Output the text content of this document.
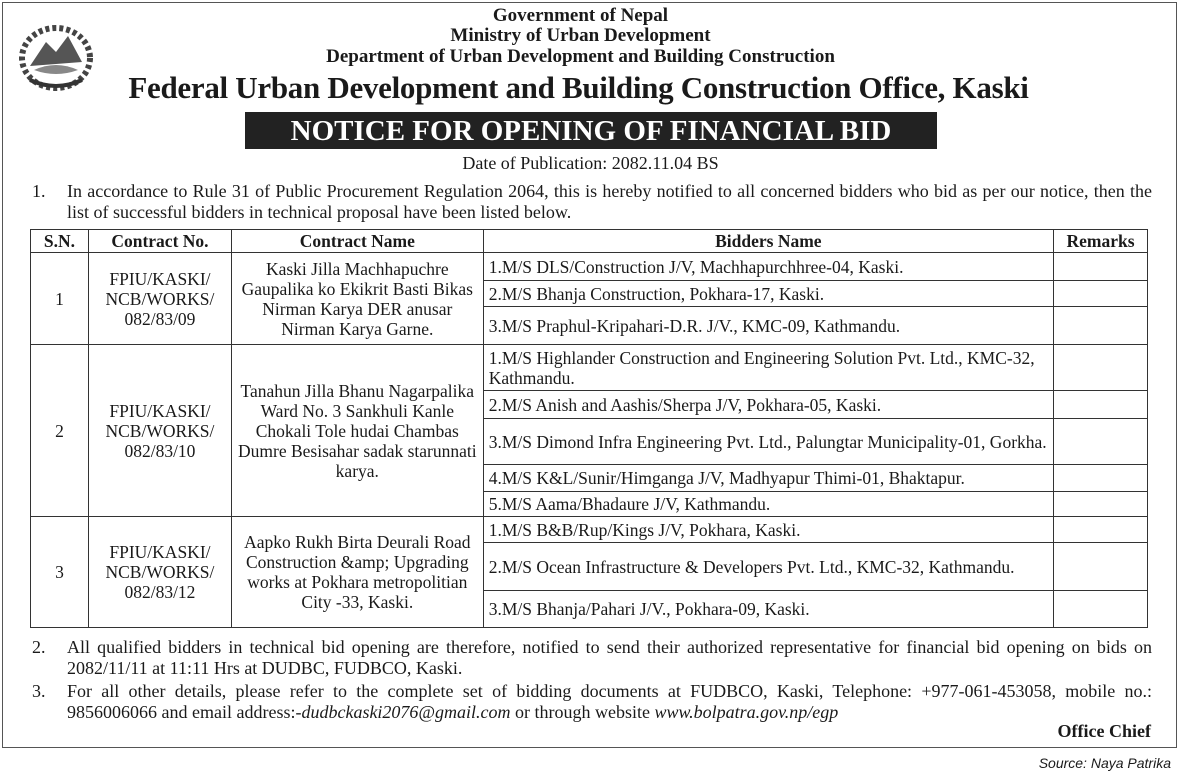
Government of Nepal
Ministry of Urban Development
Department of Urban Development and Building Construction
Federal Urban Development and Building Construction Office, Kaski
NOTICE FOR OPENING OF FINANCIAL BID
Date of Publication: 2082.11.04 BS
1. In accordance to Rule 31 of Public Procurement Regulation 2064, this is hereby notified to all concerned bidders who bid as per our notice, then the list of successful bidders in technical proposal have been listed below.
S.N.	Contract No.	Contract Name	Bidders Name	Remarks
1	FPIU/KASKI/ NCB/WORKS/ 082/83/09	Kaski Jilla Machhapuchre Gaupalika ko Ekikrit Basti Bikas Nirman Karya DER anusar Nirman Karya Garne.	1.M/S DLS/Construction J/V, Machhapurchhree-04, Kaski.	
			2.M/S Bhanja Construction, Pokhara-17, Kaski.	
			3.M/S Praphul-Kripahari-D.R. J/V., KMC-09, Kathmandu.	
2	FPIU/KASKI/ NCB/WORKS/ 082/83/10	Tanahun Jilla Bhanu Nagarpalika Ward No. 3 Sankhuli Kanle Chokali Tole hudai Chambas Dumre Besisahar sadak starunnati karya.	1.M/S Highlander Construction and Engineering Solution Pvt. Ltd., KMC-32, Kathmandu.	
			2.M/S Anish and Aashis/Sherpa J/V, Pokhara-05, Kaski.	
			3.M/S Dimond Infra Engineering Pvt. Ltd., Palungtar Municipality-01, Gorkha.	
			4.M/S K&L/Sunir/Himganga J/V, Madhyapur Thimi-01, Bhaktapur.	
			5.M/S Aama/Bhadaure J/V, Kathmandu.	
3	FPIU/KASKI/ NCB/WORKS/ 082/83/12	Aapko Rukh Birta Deurali Road Construction &amp; Upgrading works at Pokhara metropolitian City -33, Kaski.	1.M/S B&B/Rup/Kings J/V, Pokhara, Kaski.	
			2.M/S Ocean Infrastructure & Developers Pvt. Ltd., KMC-32, Kathmandu.	
			3.M/S Bhanja/Pahari J/V., Pokhara-09, Kaski.	
2. All qualified bidders in technical bid opening are therefore, notified to send their authorized representative for financial bid opening on bids on 2082/11/11 at 11:11 Hrs at DUDBC, FUDBCO, Kaski.
3. For all other details, please refer to the complete set of bidding documents at FUDBCO, Kaski, Telephone: +977-061-453058, mobile no.: 9856006066 and email address:-dudbckaski2076@gmail.com or through website www.bolpatra.gov.np/egp
Office Chief
Source: Naya Patrika
